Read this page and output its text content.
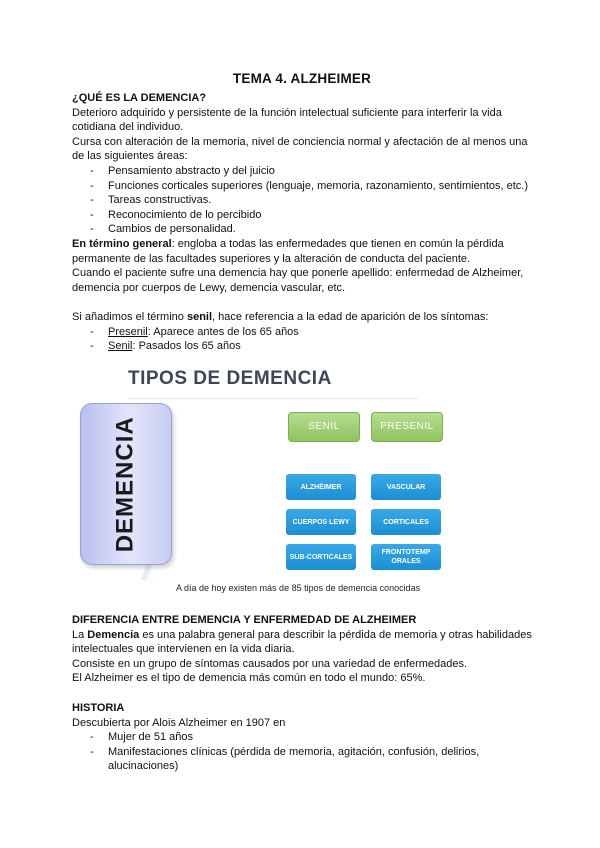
TEMA 4. ALZHEIMER

¿QUÉ ES LA DEMENCIA?

Deterioro adquirido y persistente de la función intelectual suficiente para interferir la vida cotidiana del individuo.

Cursa con alteración de la memoria, nivel de conciencia normal y afectación de al menos una de las siguientes áreas:

- Pensamiento abstracto y del juicio
- Funciones corticales superiores (lenguaje, memoria, razonamiento, sentimientos, etc.)
- Tareas constructivas.
- Reconocimiento de lo percibido
- Cambios de personalidad.

En término general: engloba a todas las enfermedades que tienen en común la pérdida permanente de las facultades superiores y la alteración de conducta del paciente.

Cuando el paciente sufre una demencia hay que ponerle apellido: enfermedad de Alzheimer, demencia por cuerpos de Lewy, demencia vascular, etc.

Si añadimos el término senil, hace referencia a la edad de aparición de los síntomas:

- Presenil: Aparece antes de los 65 años
- Senil: Pasados los 65 años

DIFERENCIA ENTRE DEMENCIA Y ENFERMEDAD DE ALZHEIMER

La Demencia es una palabra general para describir la pérdida de memoria y otras habilidades intelectuales que intervienen en la vida diaria.

Consiste en un grupo de síntomas causados por una variedad de enfermedades.

El Alzheimer es el tipo de demencia más común en todo el mundo: 65%.

HISTORIA

Descubierta por Alois Alzheimer en 1907 en

- Mujer de 51 años
- Manifestaciones clínicas (pérdida de memoria, agitación, confusión, delirios, alucinaciones)
TIPOS DE DEMENCIA
DEMENCIA	SENIL	PRESENIL
ALZHÉIMER	VASCULAR
CUERPOS LEWY	CORTICALES
SUB-CORTICALES
FRONTOTEMP ORALES
A día de hoy existen más de 85 tipos de demencia conocidas
